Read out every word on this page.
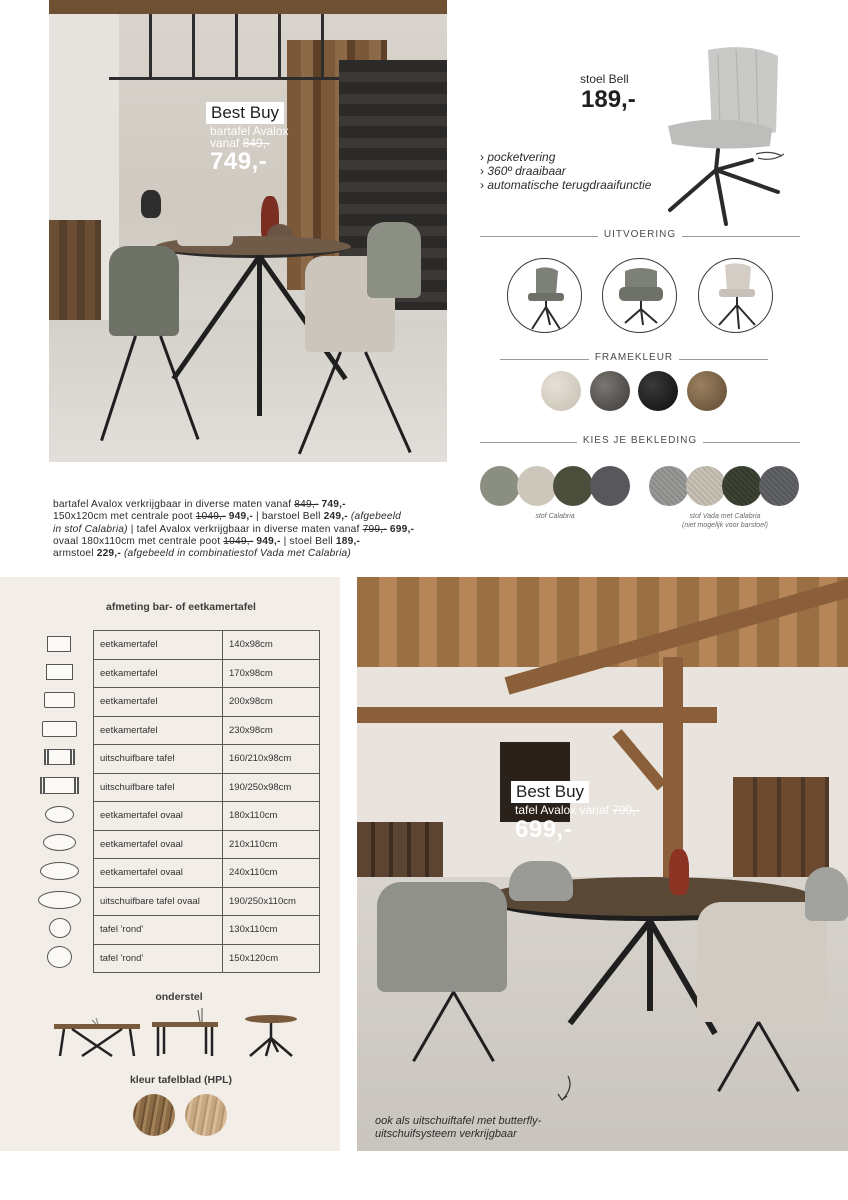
Best Buy
bartafel Avalox
vanaf 849,-
749,-
stoel Bell
189,-
› pocketvering
› 360º draaibaar
› automatische terugdraaifunctie
UITVOERING
FRAMEKLEUR
KIES JE BEKLEDING
stof Calabria	stof Vada met Calabria
(niet mogelijk voor barstoel)
bartafel Avalox verkrijgbaar in diverse maten vanaf 849,- 749,-
150x120cm met centrale poot 1049,- 949,- | barstoel Bell 249,- (afgebeeld
in stof Calabria) | tafel Avalox verkrijgbaar in diverse maten vanaf 799,- 699,-
ovaal 180x110cm met centrale poot 1049,- 949,- | stoel Bell 189,-
armstoel 229,- (afgebeeld in combinatiestof Vada met Calabria)
afmeting bar- of eetkamertafel
eetkamertafel	140x98cm
eetkamertafel	170x98cm
eetkamertafel	200x98cm
eetkamertafel	230x98cm
uitschuifbare tafel	160/210x98cm
uitschuifbare tafel	190/250x98cm
eetkamertafel ovaal	180x110cm
eetkamertafel ovaal	210x110cm
eetkamertafel ovaal	240x110cm
uitschuifbare tafel ovaal	190/250x110cm
tafel 'rond'	130x110cm
tafel 'rond'	150x120cm
onderstel
kleur tafelblad (HPL)
Best Buy
tafel Avalox vanaf 799,-
699,-
ook als uitschuiftafel met butterfly-
uitschuifsysteem verkrijgbaar
